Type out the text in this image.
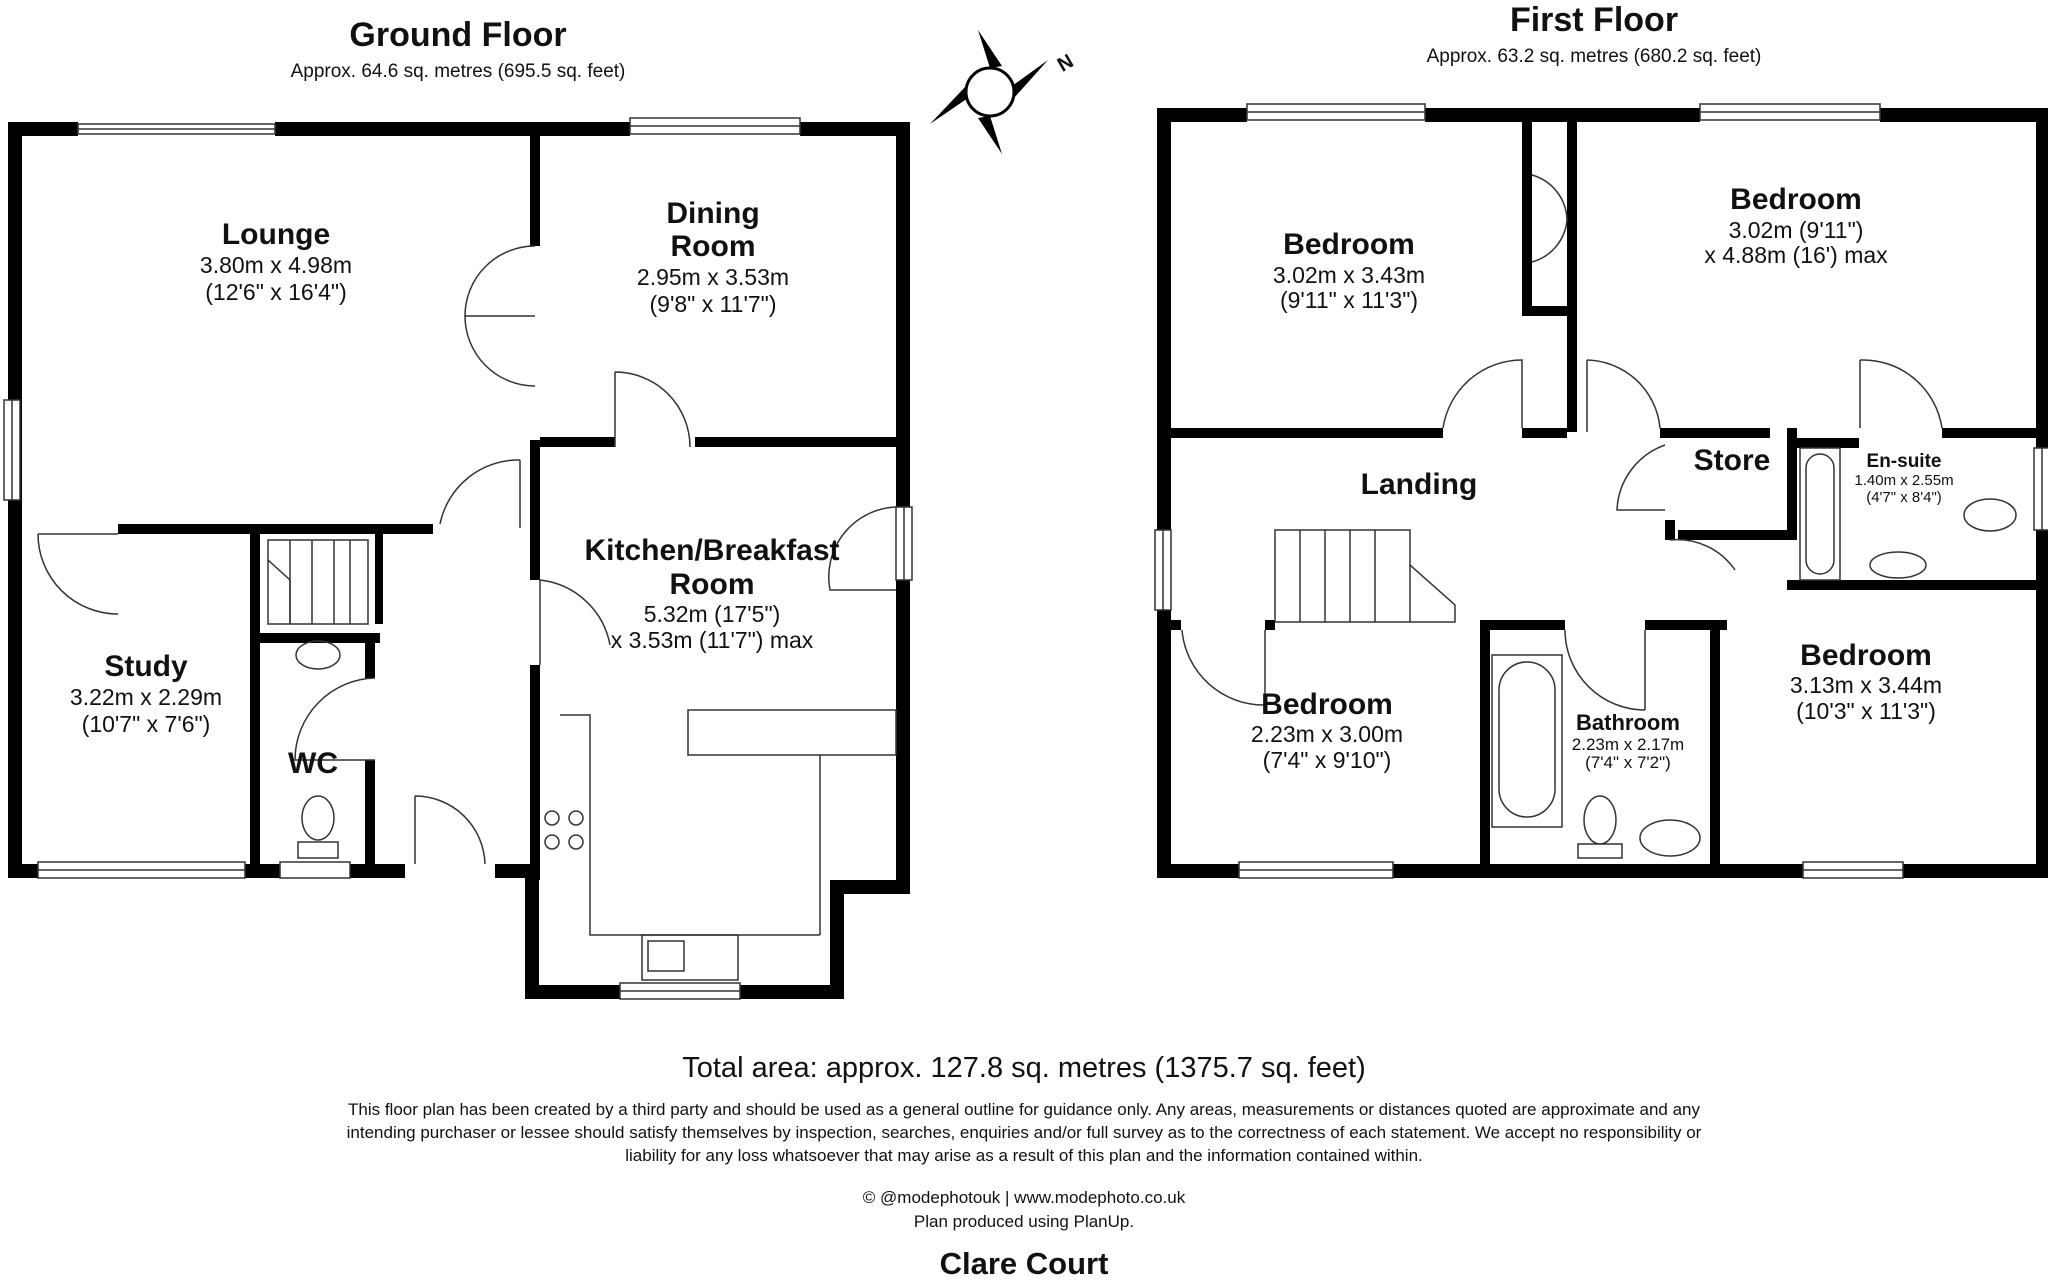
Ground Floor
Approx. 64.6 sq. metres (695.5 sq. feet)
Lounge
3.80m x 4.98m
(12'6" x 16'4")
Dining
Room
2.95m x 3.53m
(9'8" x 11'7")
Kitchen/Breakfast
Room
5.32m (17'5")
x 3.53m (11'7") max
Study
3.22m x 2.29m
(10'7" x 7'6")
WC
N
First Floor
Approx. 63.2 sq. metres (680.2 sq. feet)
Bedroom
3.02m x 3.43m
(9'11" x 11'3")
Bedroom
3.02m (9'11")
x 4.88m (16') max
Landing
Store	En-suite
1.40m x 2.55m
(4'7" x 8'4")
Bedroom
2.23m x 3.00m
(7'4" x 9'10")
Bathroom
2.23m x 2.17m
(7'4" x 7'2")
Bedroom
3.13m x 3.44m
(10'3" x 11'3")
Total area: approx. 127.8 sq. metres (1375.7 sq. feet)
This floor plan has been created by a third party and should be used as a general outline for guidance only. Any areas, measurements or distances quoted are approximate and any intending purchaser or lessee should satisfy themselves by inspection, searches, enquiries and/or full survey as to the correctness of each statement. We accept no responsibility or liability for any loss whatsoever that may arise as a result of this plan and the information contained within.
© @modephotouk | www.modephoto.co.uk
Plan produced using PlanUp.
Clare Court
